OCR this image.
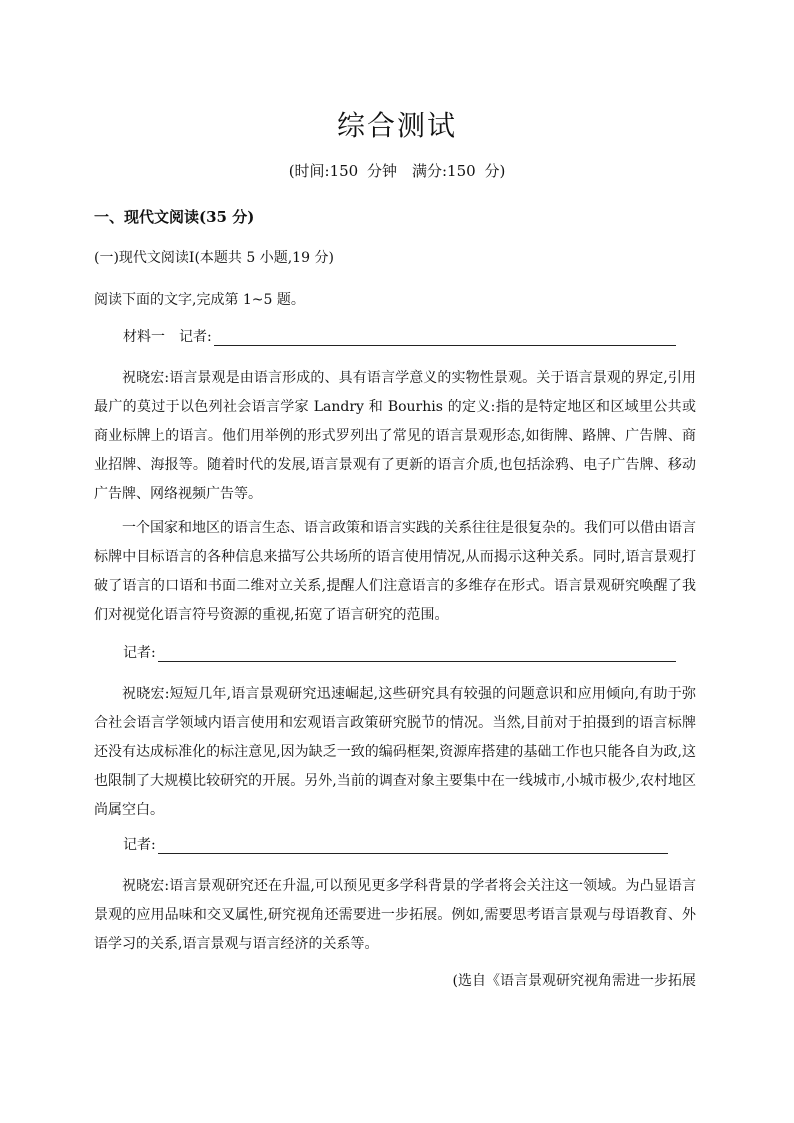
综合测试
(时间:150 分钟　满分:150 分)
一、现代文阅读(35 分)
(一)现代文阅读Ⅰ(本题共 5 小题,19 分)
阅读下面的文字,完成第 1~5 题。
材料一　记者:

祝晓宏:语言景观是由语言形成的、具有语言学意义的实物性景观。关于语言景观的界定,引用最广的莫过于以色列社会语言学家 Landry 和 Bourhis 的定义:指的是特定地区和区域里公共或商业标牌上的语言。他们用举例的形式罗列出了常见的语言景观形态,如街牌、路牌、广告牌、商业招牌、海报等。随着时代的发展,语言景观有了更新的语言介质,也包括涂鸦、电子广告牌、移动广告牌、网络视频广告等。

一个国家和地区的语言生态、语言政策和语言实践的关系往往是很复杂的。我们可以借由语言标牌中目标语言的各种信息来描写公共场所的语言使用情况,从而揭示这种关系。同时,语言景观打破了语言的口语和书面二维对立关系,提醒人们注意语言的多维存在形式。语言景观研究唤醒了我们对视觉化语言符号资源的重视,拓宽了语言研究的范围。

记者:

祝晓宏:短短几年,语言景观研究迅速崛起,这些研究具有较强的问题意识和应用倾向,有助于弥合社会语言学领域内语言使用和宏观语言政策研究脱节的情况。当然,目前对于拍摄到的语言标牌还没有达成标准化的标注意见,因为缺乏一致的编码框架,资源库搭建的基础工作也只能各自为政,这也限制了大规模比较研究的开展。另外,当前的调查对象主要集中在一线城市,小城市极少,农村地区尚属空白。

记者:

祝晓宏:语言景观研究还在升温,可以预见更多学科背景的学者将会关注这一领域。为凸显语言景观的应用品味和交叉属性,研究视角还需要进一步拓展。例如,需要思考语言景观与母语教育、外语学习的关系,语言景观与语言经济的关系等。

(选自《语言景观研究视角需进一步拓展
